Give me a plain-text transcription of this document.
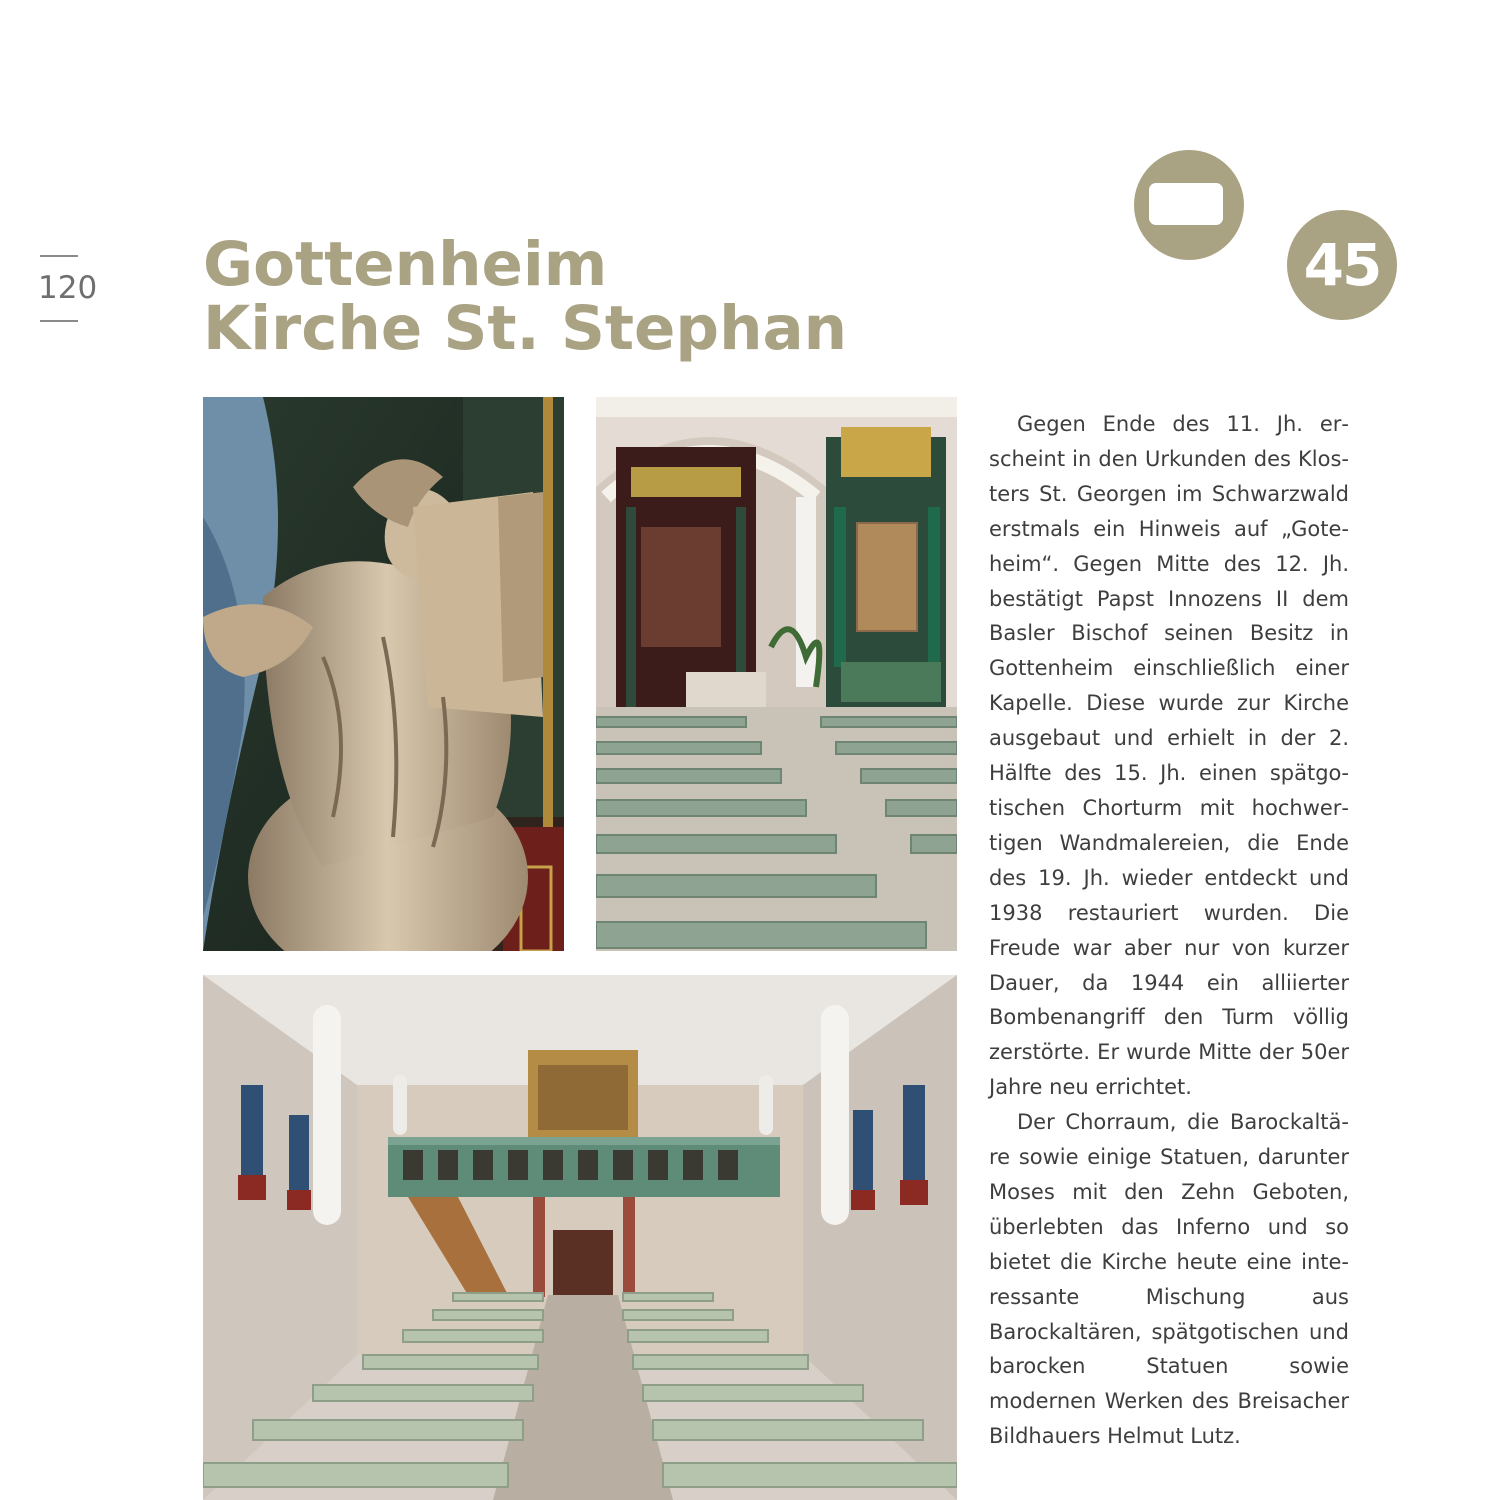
120 Gottenheim
Kirche St. Stephan
45

Gegen Ende des 11. Jh. erscheint in den Urkunden des Klosters St. Georgen im Schwarzwald erstmals ein Hinweis auf „Goteheim“. Gegen Mitte des 12. Jh. bestätigt Papst Innozens II dem Basler Bischof seinen Besitz in Gottenheim einschließlich einer Kapelle. Diese wurde zur Kirche ausgebaut und erhielt in der 2. Hälfte des 15. Jh. einen spätgotischen Chorturm mit hochwertigen Wandmalereien, die Ende des 19. Jh. wieder entdeckt und 1938 restauriert wurden. Die Freude war aber nur von kurzer Dauer, da 1944 ein alliierter Bombenangriff den Turm völlig zerstörte. Er wurde Mitte der 50er Jahre neu errichtet.

Der Chorraum, die Barockaltäre sowie einige Statuen, darunter Moses mit den Zehn Geboten, überlebten das Inferno und so bietet die Kirche heute eine interessante Mischung aus Barockaltären, spätgotischen und barocken Statuen sowie modernen Werken des Breisacher Bildhauers Helmut Lutz.
